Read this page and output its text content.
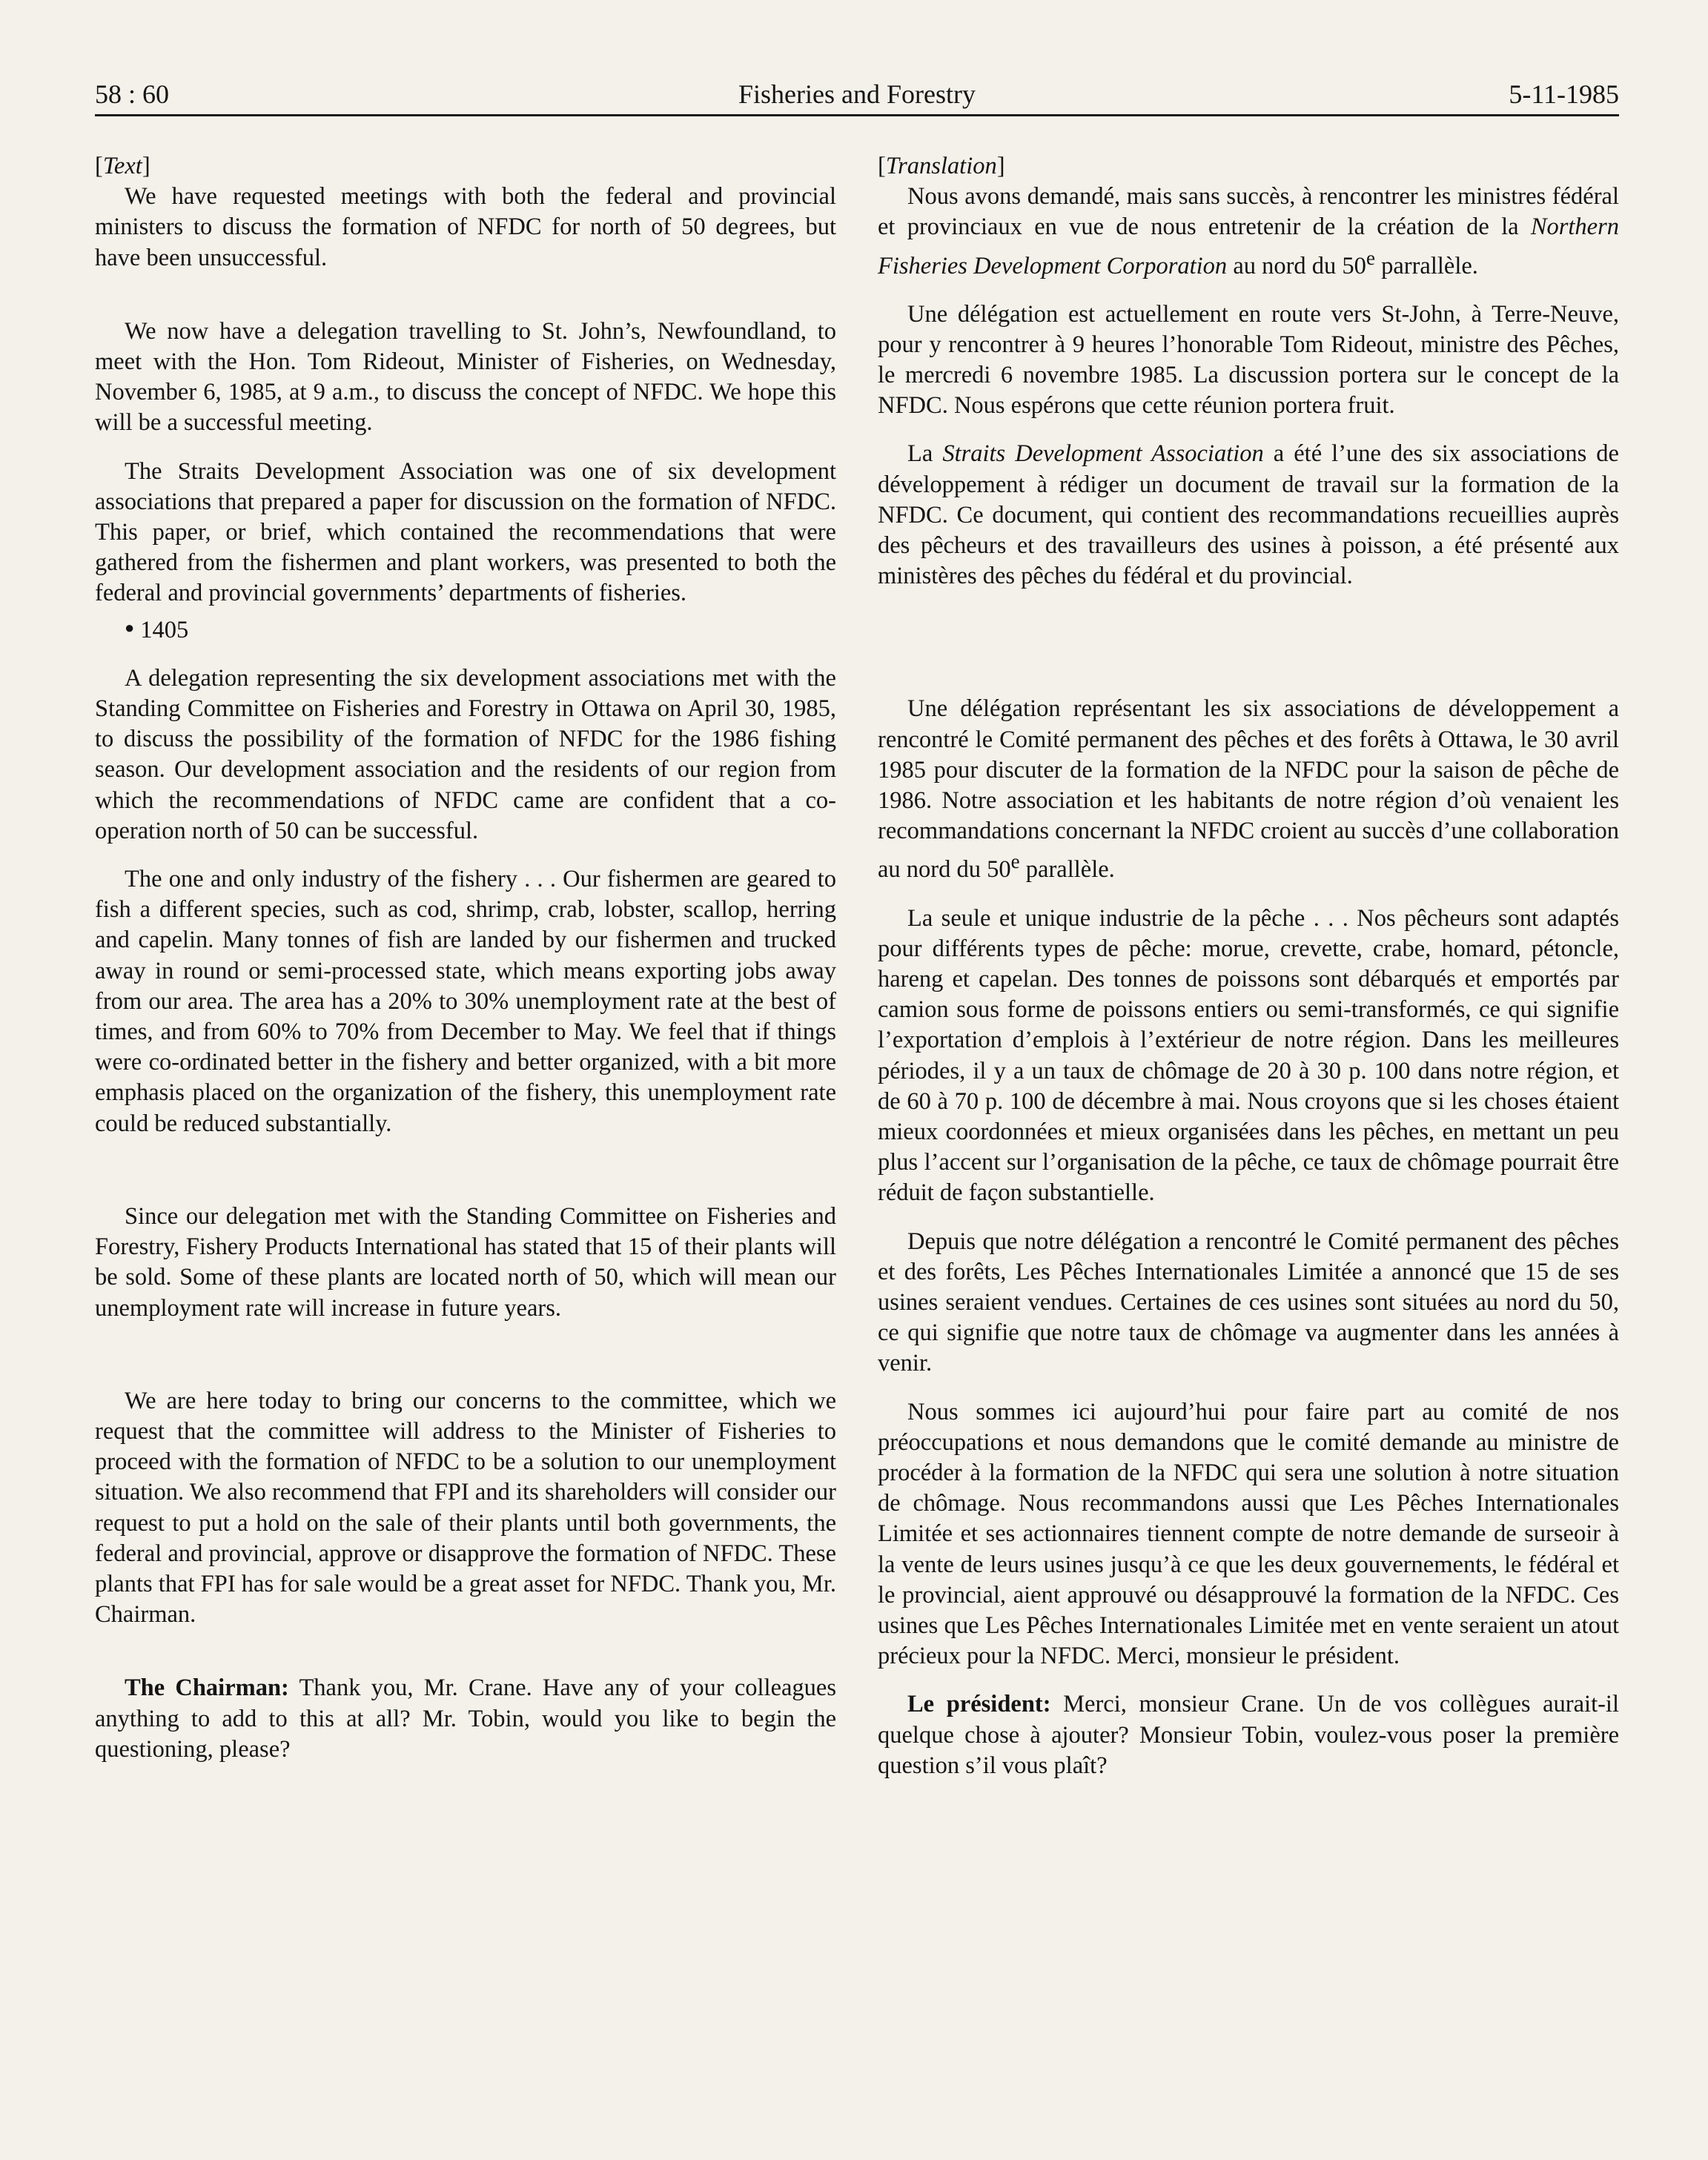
58 : 60	Fisheries and Forestry	5-11-1985

[Text]

We have requested meetings with both the federal and provincial ministers to discuss the formation of NFDC for north of 50 degrees, but have been unsuccessful.

We now have a delegation travelling to St. John’s, Newfoundland, to meet with the Hon. Tom Rideout, Minister of Fisheries, on Wednesday, November 6, 1985, at 9 a.m., to discuss the concept of NFDC. We hope this will be a successful meeting.

The Straits Development Association was one of six development associations that prepared a paper for discussion on the formation of NFDC. This paper, or brief, which contained the recommendations that were gathered from the fishermen and plant workers, was presented to both the federal and provincial governments’ departments of fisheries.

● 1405

A delegation representing the six development associations met with the Standing Committee on Fisheries and Forestry in Ottawa on April 30, 1985, to discuss the possibility of the formation of NFDC for the 1986 fishing season. Our development association and the residents of our region from which the recommendations of NFDC came are confident that a co-operation north of 50 can be successful.

The one and only industry of the fishery . . . Our fishermen are geared to fish a different species, such as cod, shrimp, crab, lobster, scallop, herring and capelin. Many tonnes of fish are landed by our fishermen and trucked away in round or semi-processed state, which means exporting jobs away from our area. The area has a 20% to 30% unemployment rate at the best of times, and from 60% to 70% from December to May. We feel that if things were co-ordinated better in the fishery and better organized, with a bit more emphasis placed on the organization of the fishery, this unemployment rate could be reduced substantially.

Since our delegation met with the Standing Committee on Fisheries and Forestry, Fishery Products International has stated that 15 of their plants will be sold. Some of these plants are located north of 50, which will mean our unemployment rate will increase in future years.

We are here today to bring our concerns to the committee, which we request that the committee will address to the Minister of Fisheries to proceed with the formation of NFDC to be a solution to our unemployment situation. We also recommend that FPI and its shareholders will consider our request to put a hold on the sale of their plants until both governments, the federal and provincial, approve or disapprove the formation of NFDC. These plants that FPI has for sale would be a great asset for NFDC. Thank you, Mr. Chairman.

The Chairman: Thank you, Mr. Crane. Have any of your colleagues anything to add to this at all? Mr. Tobin, would you like to begin the questioning, please?

[Translation]

Nous avons demandé, mais sans succès, à rencontrer les ministres fédéral et provinciaux en vue de nous entretenir de la création de la Northern Fisheries Development Corporation au nord du 50e parrallèle.

Une délégation est actuellement en route vers St-John, à Terre-Neuve, pour y rencontrer à 9 heures l’honorable Tom Rideout, ministre des Pêches, le mercredi 6 novembre 1985. La discussion portera sur le concept de la NFDC. Nous espérons que cette réunion portera fruit.

La Straits Development Association a été l’une des six associations de développement à rédiger un document de travail sur la formation de la NFDC. Ce document, qui contient des recommandations recueillies auprès des pêcheurs et des travailleurs des usines à poisson, a été présenté aux ministères des pêches du fédéral et du provincial.

Une délégation représentant les six associations de développement a rencontré le Comité permanent des pêches et des forêts à Ottawa, le 30 avril 1985 pour discuter de la formation de la NFDC pour la saison de pêche de 1986. Notre association et les habitants de notre région d’où venaient les recommandations concernant la NFDC croient au succès d’une collaboration au nord du 50e parallèle.

La seule et unique industrie de la pêche . . . Nos pêcheurs sont adaptés pour différents types de pêche: morue, crevette, crabe, homard, pétoncle, hareng et capelan. Des tonnes de poissons sont débarqués et emportés par camion sous forme de poissons entiers ou semi-transformés, ce qui signifie l’exportation d’emplois à l’extérieur de notre région. Dans les meilleures périodes, il y a un taux de chômage de 20 à 30 p. 100 dans notre région, et de 60 à 70 p. 100 de décembre à mai. Nous croyons que si les choses étaient mieux coordonnées et mieux organisées dans les pêches, en mettant un peu plus l’accent sur l’organisation de la pêche, ce taux de chômage pourrait être réduit de façon substantielle.

Depuis que notre délégation a rencontré le Comité permanent des pêches et des forêts, Les Pêches Internationales Limitée a annoncé que 15 de ses usines seraient vendues. Certaines de ces usines sont situées au nord du 50, ce qui signifie que notre taux de chômage va augmenter dans les années à venir.

Nous sommes ici aujourd’hui pour faire part au comité de nos préoccupations et nous demandons que le comité demande au ministre de procéder à la formation de la NFDC qui sera une solution à notre situation de chômage. Nous recommandons aussi que Les Pêches Internationales Limitée et ses actionnaires tiennent compte de notre demande de surseoir à la vente de leurs usines jusqu’à ce que les deux gouvernements, le fédéral et le provincial, aient approuvé ou désapprouvé la formation de la NFDC. Ces usines que Les Pêches Internationales Limitée met en vente seraient un atout précieux pour la NFDC. Merci, monsieur le président.

Le président: Merci, monsieur Crane. Un de vos collègues aurait-il quelque chose à ajouter? Monsieur Tobin, voulez-vous poser la première question s’il vous plaît?
